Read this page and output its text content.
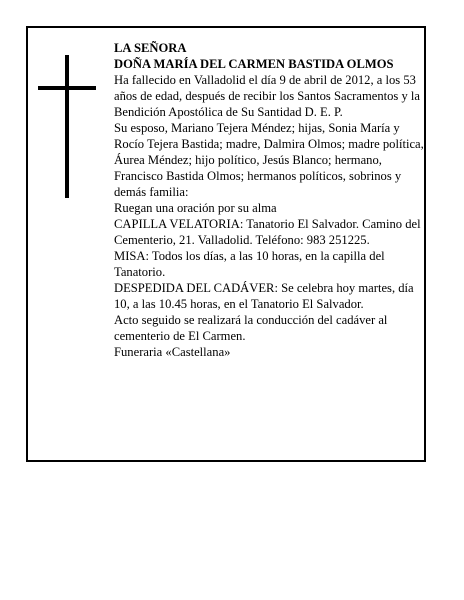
LA SEÑORA

DOÑA MARÍA DEL CARMEN BASTIDA OLMOS

Ha fallecido en Valladolid el día 9 de abril de 2012, a los 53 años de edad, después de recibir los Santos Sacramentos y la Bendición Apostólica de Su Santidad D. E. P.

Su esposo, Mariano Tejera Méndez; hijas, Sonia María y Rocío Tejera Bastida; madre, Dalmira Olmos; madre política, Áurea Méndez; hijo político, Jesús Blanco; hermano, Francisco Bastida Olmos; hermanos políticos, sobrinos y demás familia:

Ruegan una oración por su alma

CAPILLA VELATORIA: Tanatorio El Salvador. Camino del Cementerio, 21. Valladolid. Teléfono: 983 251225.

MISA: Todos los días, a las 10 horas, en la capilla del Tanatorio.

DESPEDIDA DEL CADÁVER: Se celebra hoy martes, día 10, a las 10.45 horas, en el Tanatorio El Salvador.

Acto seguido se realizará la conducción del cadáver al cementerio de El Carmen.

Funeraria «Castellana»
